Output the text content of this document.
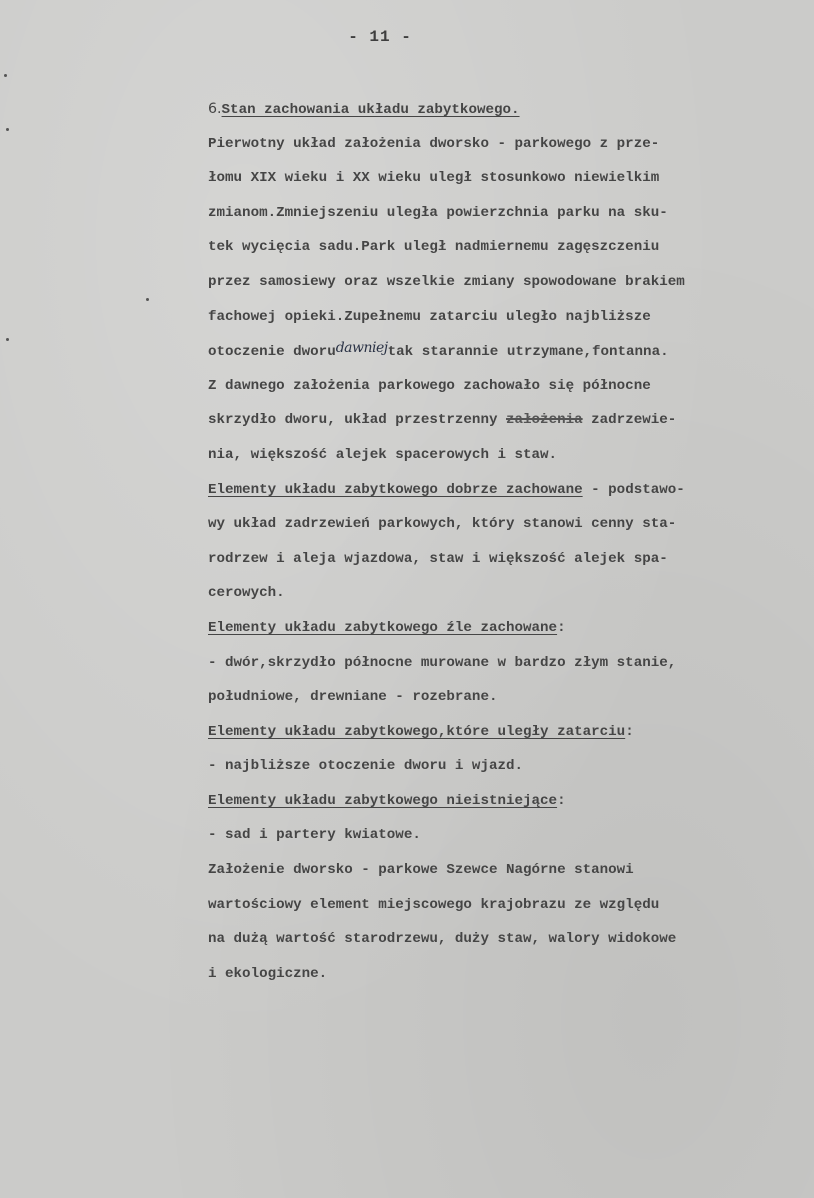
- 11 -
6.Stan zachowania układu zabytkowego.
Pierwotny układ założenia dworsko - parkowego z prze-
łomu XIX wieku i XX wieku uległ stosunkowo niewielkim
zmianom.Zmniejszeniu uległa powierzchnia parku na sku-
tek wycięcia sadu.Park uległ nadmiernemu zagęszczeniu
przez samosiewy oraz wszelkie zmiany spowodowane brakiem
fachowej opieki.Zupełnemu zatarciu uległo najbliższe
otoczenie dworudawniejtak starannie utrzymane,fontanna.
Z dawnego założenia parkowego zachowało się północne
skrzydło dworu, układ przestrzenny założenia zadrzewie-
nia, większość alejek spacerowych i staw.
Elementy układu zabytkowego dobrze zachowane - podstawo-
wy układ zadrzewień parkowych, który stanowi cenny sta-
rodrzew i aleja wjazdowa, staw i większość alejek spa-
cerowych.
Elementy układu zabytkowego źle zachowane:
- dwór,skrzydło północne murowane w bardzo złym stanie,
południowe, drewniane - rozebrane.
Elementy układu zabytkowego,które uległy zatarciu:
- najbliższe otoczenie dworu i wjazd.
Elementy układu zabytkowego nieistniejące:
- sad i partery kwiatowe.
Założenie dworsko - parkowe Szewce Nagórne stanowi
wartościowy element miejscowego krajobrazu ze względu
na dużą wartość starodrzewu, duży staw, walory widokowe
i ekologiczne.
